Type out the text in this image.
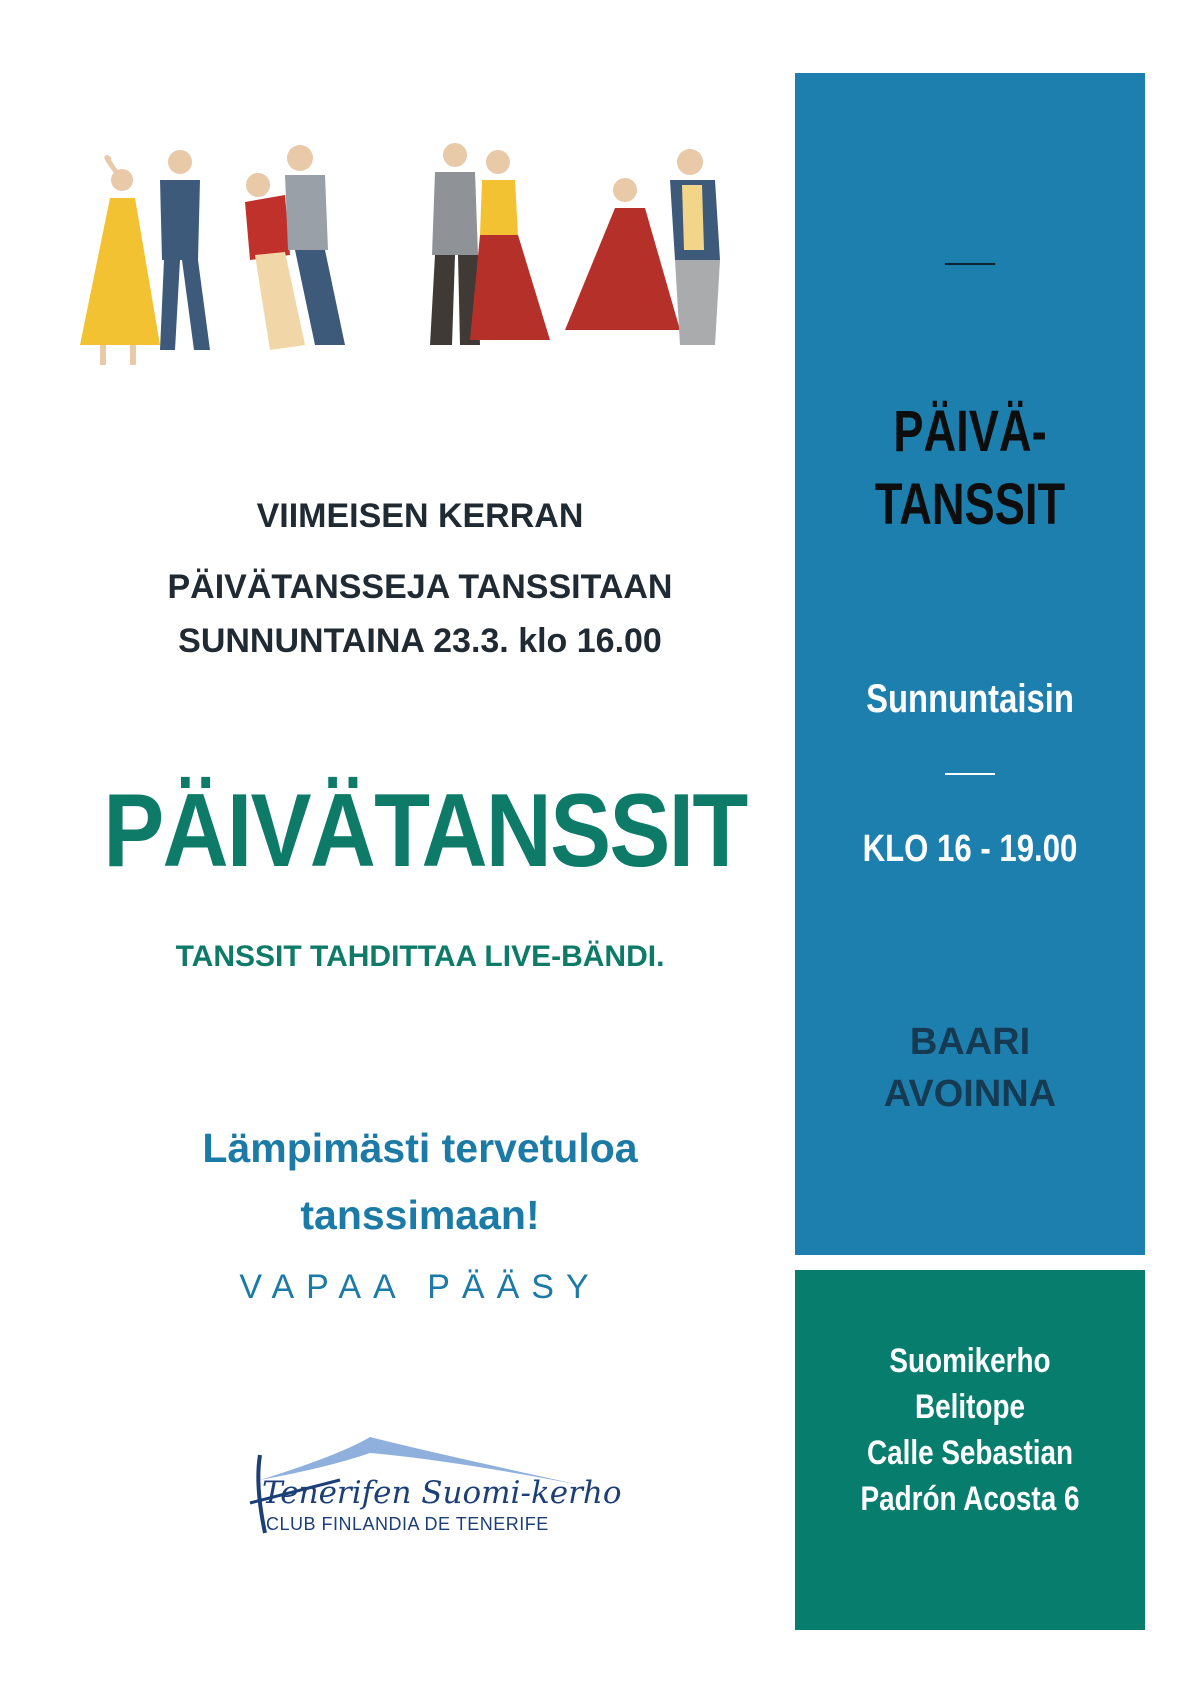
VIIMEISEN KERRAN
PÄIVÄTANSSEJA TANSSITAAN
SUNNUNTAINA 23.3. klo 16.00
PÄIVÄTANSSIT
TANSSIT TAHDITTAA LIVE-BÄNDI.
Lämpimästi tervetuloa
tanssimaan!
VAPAA PÄÄSY
Tenerifen Suomi-kerho
CLUB FINLANDIA DE TENERIFE
PÄIVÄ-
TANSSIT
Sunnuntaisin
KLO 16 - 19.00
BAARI
AVOINNA
Suomikerho
Belitope
Calle Sebastian
Padrón Acosta 6
